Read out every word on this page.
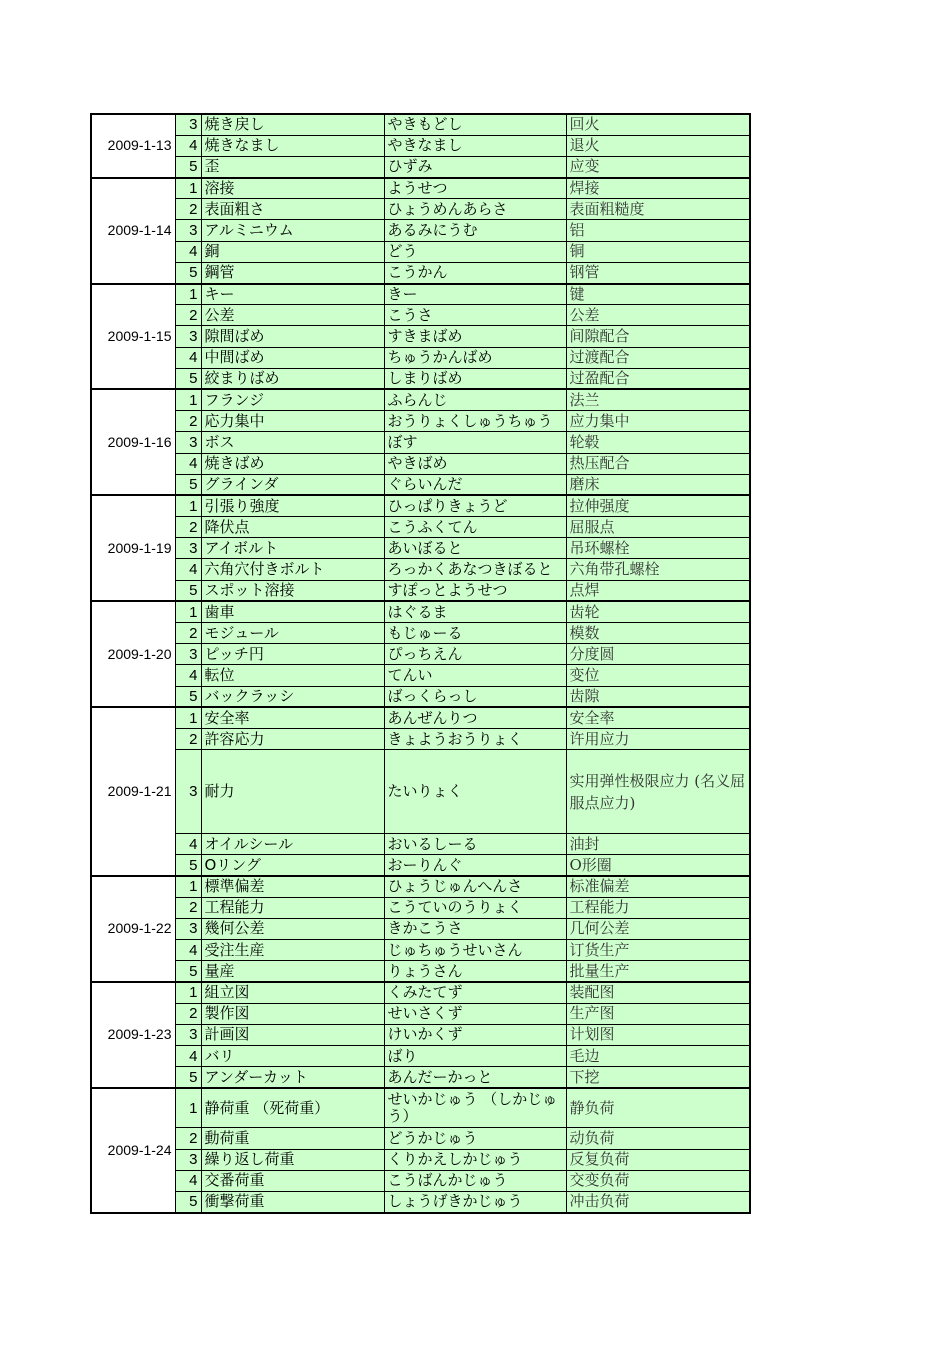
2009-1-13	3	焼き戻し	やきもどし	回火
	4	焼きなまし	やきなまし	退火
	5	歪	ひずみ	应变
2009-1-14	1	溶接	ようせつ	焊接
	2	表面粗さ	ひょうめんあらさ	表面粗糙度
	3	アルミニウム	あるみにうむ	铝
	4	銅	どう	铜
	5	鋼管	こうかん	钢管
2009-1-15	1	キー	きー	键
	2	公差	こうさ	公差
	3	隙間ばめ	すきまばめ	间隙配合
	4	中間ばめ	ちゅうかんばめ	过渡配合
	5	絞まりばめ	しまりばめ	过盈配合
2009-1-16	1	フランジ	ふらんじ	法兰
	2	応力集中	おうりょくしゅうちゅう	应力集中
	3	ボス	ぼす	轮毂
	4	焼きばめ	やきばめ	热压配合
	5	グラインダ	ぐらいんだ	磨床
2009-1-19	1	引張り強度	ひっぱりきょうど	拉伸强度
	2	降伏点	こうふくてん	屈服点
	3	アイボルト	あいぼると	吊环螺栓
	4	六角穴付きボルト	ろっかくあなつきぼると	六角带孔螺栓
	5	スポット溶接	すぽっとようせつ	点焊
2009-1-20	1	歯車	はぐるま	齿轮
	2	モジュール	もじゅーる	模数
	3	ピッチ円	ぴっちえん	分度圆
	4	転位	てんい	变位
	5	バックラッシ	ばっくらっし	齿隙
2009-1-21	1	安全率	あんぜんりつ	安全率
	2	許容応力	きょようおうりょく	许用应力
	3	耐力	たいりょく	实用弹性极限应力 (名义屈服点应力)
	4	オイルシール	おいるしーる	油封
	5	Oリング	おーりんぐ	O形圈
2009-1-22	1	標準偏差	ひょうじゅんへんさ	标准偏差
	2	工程能力	こうていのうりょく	工程能力
	3	幾何公差	きかこうさ	几何公差
	4	受注生産	じゅちゅうせいさん	订货生产
	5	量産	りょうさん	批量生产
2009-1-23	1	組立図	くみたてず	装配图
	2	製作図	せいさくず	生产图
	3	計画図	けいかくず	计划图
	4	バリ	ばり	毛边
	5	アンダーカット	あんだーかっと	下挖
2009-1-24	1	静荷重 （死荷重）	せいかじゅう （しかじゅう）	静负荷
	2	動荷重	どうかじゅう	动负荷
	3	繰り返し荷重	くりかえしかじゅう	反复负荷
	4	交番荷重	こうばんかじゅう	交变负荷
	5	衝撃荷重	しょうげきかじゅう	冲击负荷
